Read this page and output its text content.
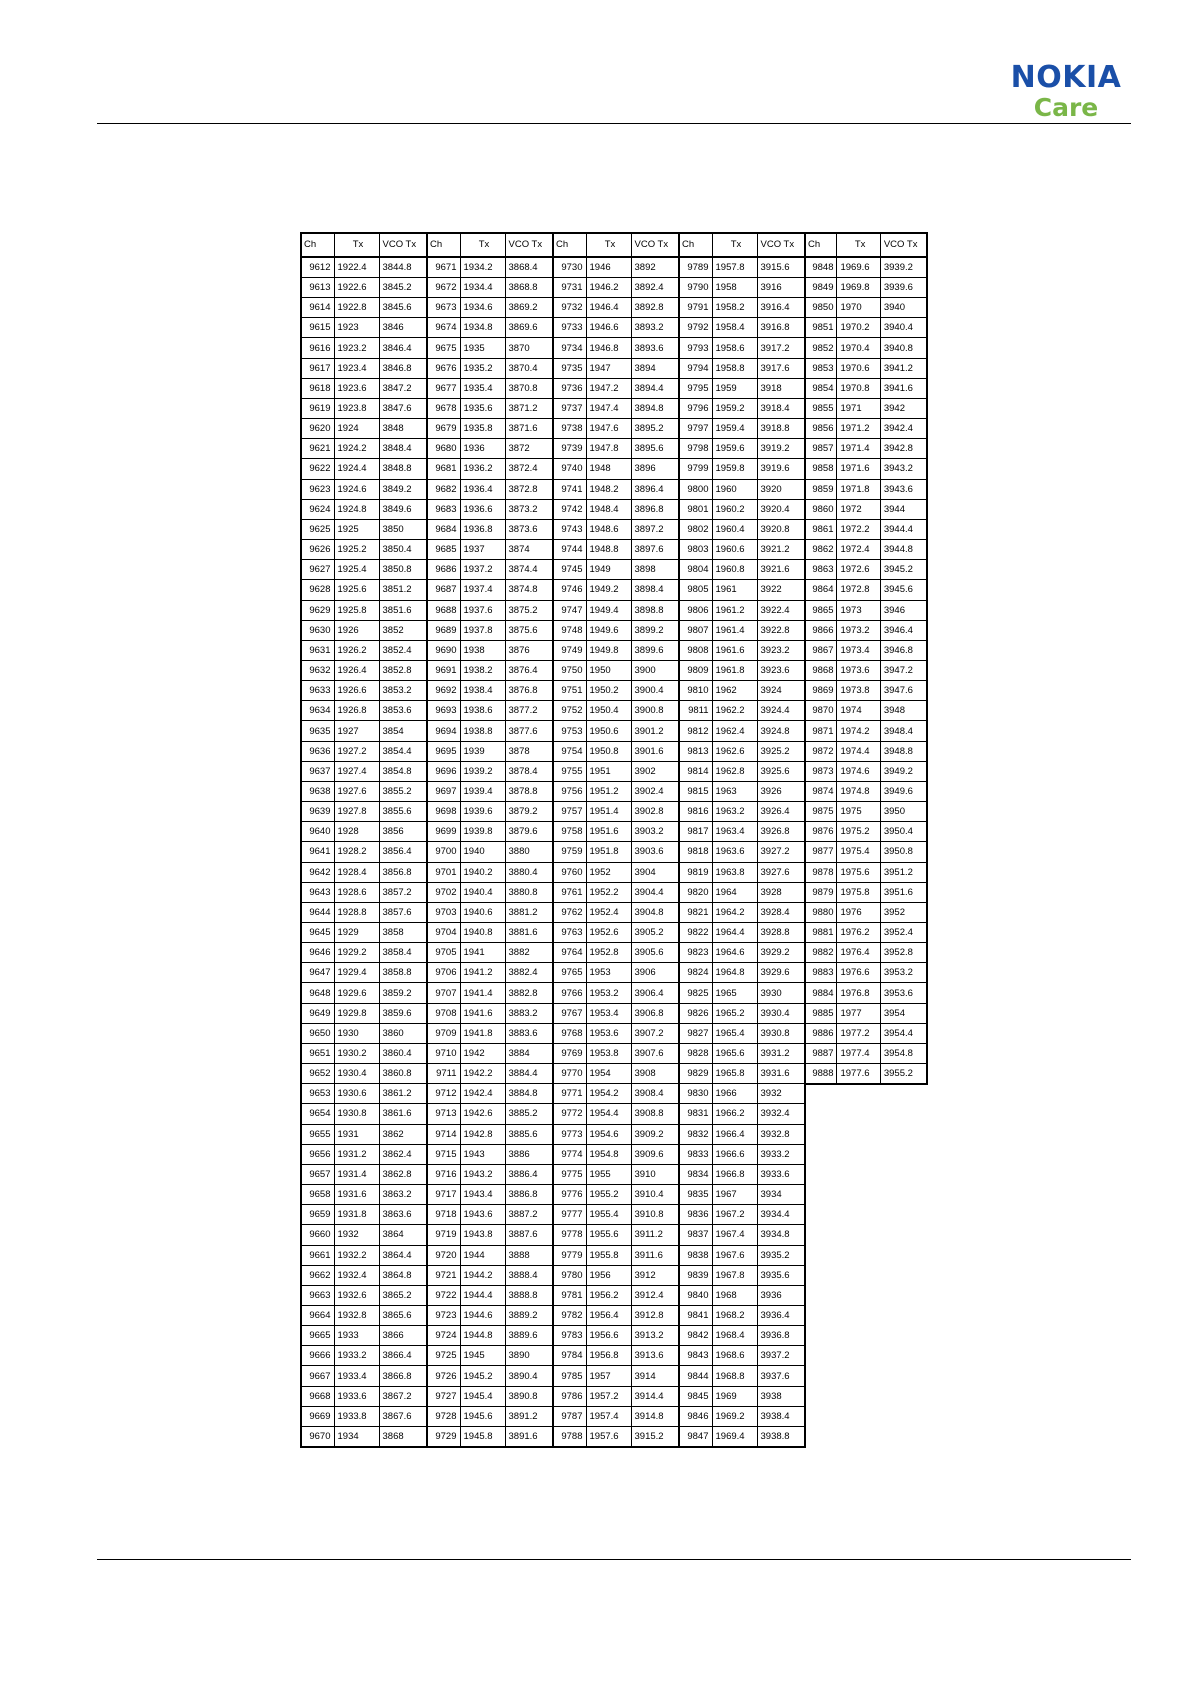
NOKIA
Care
Ch	Tx	VCO Tx
9612	1922.4	3844.8
9613	1922.6	3845.2
9614	1922.8	3845.6
9615	1923	3846
9616	1923.2	3846.4
9617	1923.4	3846.8
9618	1923.6	3847.2
9619	1923.8	3847.6
9620	1924	3848
9621	1924.2	3848.4
9622	1924.4	3848.8
9623	1924.6	3849.2
9624	1924.8	3849.6
9625	1925	3850
9626	1925.2	3850.4
9627	1925.4	3850.8
9628	1925.6	3851.2
9629	1925.8	3851.6
9630	1926	3852
9631	1926.2	3852.4
9632	1926.4	3852.8
9633	1926.6	3853.2
9634	1926.8	3853.6
9635	1927	3854
9636	1927.2	3854.4
9637	1927.4	3854.8
9638	1927.6	3855.2
9639	1927.8	3855.6
9640	1928	3856
9641	1928.2	3856.4
9642	1928.4	3856.8
9643	1928.6	3857.2
9644	1928.8	3857.6
9645	1929	3858
9646	1929.2	3858.4
9647	1929.4	3858.8
9648	1929.6	3859.2
9649	1929.8	3859.6
9650	1930	3860
9651	1930.2	3860.4
9652	1930.4	3860.8
9653	1930.6	3861.2
9654	1930.8	3861.6
9655	1931	3862
9656	1931.2	3862.4
9657	1931.4	3862.8
9658	1931.6	3863.2
9659	1931.8	3863.6
9660	1932	3864
9661	1932.2	3864.4
9662	1932.4	3864.8
9663	1932.6	3865.2
9664	1932.8	3865.6
9665	1933	3866
9666	1933.2	3866.4
9667	1933.4	3866.8
9668	1933.6	3867.2
9669	1933.8	3867.6
9670	1934	3868
Ch	Tx	VCO Tx
9671	1934.2	3868.4
9672	1934.4	3868.8
9673	1934.6	3869.2
9674	1934.8	3869.6
9675	1935	3870
9676	1935.2	3870.4
9677	1935.4	3870.8
9678	1935.6	3871.2
9679	1935.8	3871.6
9680	1936	3872
9681	1936.2	3872.4
9682	1936.4	3872.8
9683	1936.6	3873.2
9684	1936.8	3873.6
9685	1937	3874
9686	1937.2	3874.4
9687	1937.4	3874.8
9688	1937.6	3875.2
9689	1937.8	3875.6
9690	1938	3876
9691	1938.2	3876.4
9692	1938.4	3876.8
9693	1938.6	3877.2
9694	1938.8	3877.6
9695	1939	3878
9696	1939.2	3878.4
9697	1939.4	3878.8
9698	1939.6	3879.2
9699	1939.8	3879.6
9700	1940	3880
9701	1940.2	3880.4
9702	1940.4	3880.8
9703	1940.6	3881.2
9704	1940.8	3881.6
9705	1941	3882
9706	1941.2	3882.4
9707	1941.4	3882.8
9708	1941.6	3883.2
9709	1941.8	3883.6
9710	1942	3884
9711	1942.2	3884.4
9712	1942.4	3884.8
9713	1942.6	3885.2
9714	1942.8	3885.6
9715	1943	3886
9716	1943.2	3886.4
9717	1943.4	3886.8
9718	1943.6	3887.2
9719	1943.8	3887.6
9720	1944	3888
9721	1944.2	3888.4
9722	1944.4	3888.8
9723	1944.6	3889.2
9724	1944.8	3889.6
9725	1945	3890
9726	1945.2	3890.4
9727	1945.4	3890.8
9728	1945.6	3891.2
9729	1945.8	3891.6
Ch	Tx	VCO Tx
9730	1946	3892
9731	1946.2	3892.4
9732	1946.4	3892.8
9733	1946.6	3893.2
9734	1946.8	3893.6
9735	1947	3894
9736	1947.2	3894.4
9737	1947.4	3894.8
9738	1947.6	3895.2
9739	1947.8	3895.6
9740	1948	3896
9741	1948.2	3896.4
9742	1948.4	3896.8
9743	1948.6	3897.2
9744	1948.8	3897.6
9745	1949	3898
9746	1949.2	3898.4
9747	1949.4	3898.8
9748	1949.6	3899.2
9749	1949.8	3899.6
9750	1950	3900
9751	1950.2	3900.4
9752	1950.4	3900.8
9753	1950.6	3901.2
9754	1950.8	3901.6
9755	1951	3902
9756	1951.2	3902.4
9757	1951.4	3902.8
9758	1951.6	3903.2
9759	1951.8	3903.6
9760	1952	3904
9761	1952.2	3904.4
9762	1952.4	3904.8
9763	1952.6	3905.2
9764	1952.8	3905.6
9765	1953	3906
9766	1953.2	3906.4
9767	1953.4	3906.8
9768	1953.6	3907.2
9769	1953.8	3907.6
9770	1954	3908
9771	1954.2	3908.4
9772	1954.4	3908.8
9773	1954.6	3909.2
9774	1954.8	3909.6
9775	1955	3910
9776	1955.2	3910.4
9777	1955.4	3910.8
9778	1955.6	3911.2
9779	1955.8	3911.6
9780	1956	3912
9781	1956.2	3912.4
9782	1956.4	3912.8
9783	1956.6	3913.2
9784	1956.8	3913.6
9785	1957	3914
9786	1957.2	3914.4
9787	1957.4	3914.8
9788	1957.6	3915.2
Ch	Tx	VCO Tx
9789	1957.8	3915.6
9790	1958	3916
9791	1958.2	3916.4
9792	1958.4	3916.8
9793	1958.6	3917.2
9794	1958.8	3917.6
9795	1959	3918
9796	1959.2	3918.4
9797	1959.4	3918.8
9798	1959.6	3919.2
9799	1959.8	3919.6
9800	1960	3920
9801	1960.2	3920.4
9802	1960.4	3920.8
9803	1960.6	3921.2
9804	1960.8	3921.6
9805	1961	3922
9806	1961.2	3922.4
9807	1961.4	3922.8
9808	1961.6	3923.2
9809	1961.8	3923.6
9810	1962	3924
9811	1962.2	3924.4
9812	1962.4	3924.8
9813	1962.6	3925.2
9814	1962.8	3925.6
9815	1963	3926
9816	1963.2	3926.4
9817	1963.4	3926.8
9818	1963.6	3927.2
9819	1963.8	3927.6
9820	1964	3928
9821	1964.2	3928.4
9822	1964.4	3928.8
9823	1964.6	3929.2
9824	1964.8	3929.6
9825	1965	3930
9826	1965.2	3930.4
9827	1965.4	3930.8
9828	1965.6	3931.2
9829	1965.8	3931.6
9830	1966	3932
9831	1966.2	3932.4
9832	1966.4	3932.8
9833	1966.6	3933.2
9834	1966.8	3933.6
9835	1967	3934
9836	1967.2	3934.4
9837	1967.4	3934.8
9838	1967.6	3935.2
9839	1967.8	3935.6
9840	1968	3936
9841	1968.2	3936.4
9842	1968.4	3936.8
9843	1968.6	3937.2
9844	1968.8	3937.6
9845	1969	3938
9846	1969.2	3938.4
9847	1969.4	3938.8
Ch	Tx	VCO Tx
9848	1969.6	3939.2
9849	1969.8	3939.6
9850	1970	3940
9851	1970.2	3940.4
9852	1970.4	3940.8
9853	1970.6	3941.2
9854	1970.8	3941.6
9855	1971	3942
9856	1971.2	3942.4
9857	1971.4	3942.8
9858	1971.6	3943.2
9859	1971.8	3943.6
9860	1972	3944
9861	1972.2	3944.4
9862	1972.4	3944.8
9863	1972.6	3945.2
9864	1972.8	3945.6
9865	1973	3946
9866	1973.2	3946.4
9867	1973.4	3946.8
9868	1973.6	3947.2
9869	1973.8	3947.6
9870	1974	3948
9871	1974.2	3948.4
9872	1974.4	3948.8
9873	1974.6	3949.2
9874	1974.8	3949.6
9875	1975	3950
9876	1975.2	3950.4
9877	1975.4	3950.8
9878	1975.6	3951.2
9879	1975.8	3951.6
9880	1976	3952
9881	1976.2	3952.4
9882	1976.4	3952.8
9883	1976.6	3953.2
9884	1976.8	3953.6
9885	1977	3954
9886	1977.2	3954.4
9887	1977.4	3954.8
9888	1977.6	3955.2
